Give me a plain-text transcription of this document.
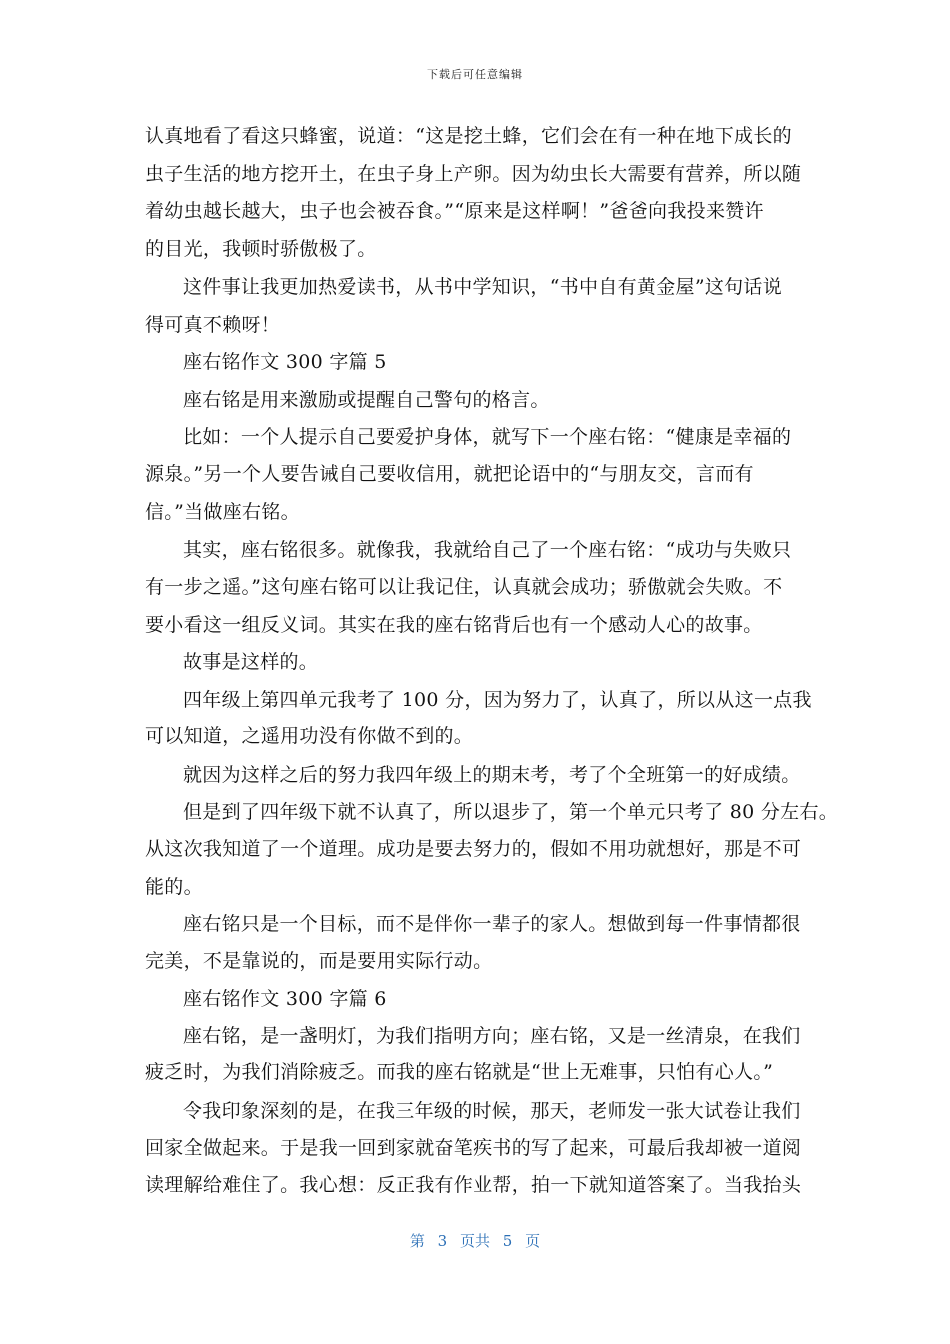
下载后可任意编辑
认真地看了看这只蜂蜜，说道：“这是挖土蜂，它们会在有一种在地下成长的
虫子生活的地方挖开土，在虫子身上产卵。因为幼虫长大需要有营养，所以随
着幼虫越长越大，虫子也会被吞食。”“原来是这样啊！”爸爸向我投来赞许
的目光，我顿时骄傲极了。
这件事让我更加热爱读书，从书中学知识，“书中自有黄金屋”这句话说
得可真不赖呀！
座右铭作文 300 字篇 5
座右铭是用来激励或提醒自己警句的格言。
比如：一个人提示自己要爱护身体，就写下一个座右铭：“健康是幸福的
源泉。”另一个人要告诫自己要收信用，就把论语中的“与朋友交，言而有
信。”当做座右铭。
其实，座右铭很多。就像我，我就给自己了一个座右铭：“成功与失败只
有一步之遥。”这句座右铭可以让我记住，认真就会成功；骄傲就会失败。不
要小看这一组反义词。其实在我的座右铭背后也有一个感动人心的故事。
故事是这样的。
四年级上第四单元我考了 100 分，因为努力了，认真了，所以从这一点我
可以知道，之遥用功没有你做不到的。
就因为这样之后的努力我四年级上的期末考，考了个全班第一的好成绩。
但是到了四年级下就不认真了，所以退步了，第一个单元只考了 80 分左右。
从这次我知道了一个道理。成功是要去努力的，假如不用功就想好，那是不可
能的。
座右铭只是一个目标，而不是伴你一辈子的家人。想做到每一件事情都很
完美，不是靠说的，而是要用实际行动。
座右铭作文 300 字篇 6
座右铭，是一盏明灯，为我们指明方向；座右铭，又是一丝清泉，在我们
疲乏时，为我们消除疲乏。而我的座右铭就是“世上无难事，只怕有心人。”
令我印象深刻的是，在我三年级的时候，那天，老师发一张大试卷让我们
回家全做起来。于是我一回到家就奋笔疾书的写了起来，可最后我却被一道阅
读理解给难住了。我心想：反正我有作业帮，拍一下就知道答案了。当我抬头
第 3 页共 5 页
